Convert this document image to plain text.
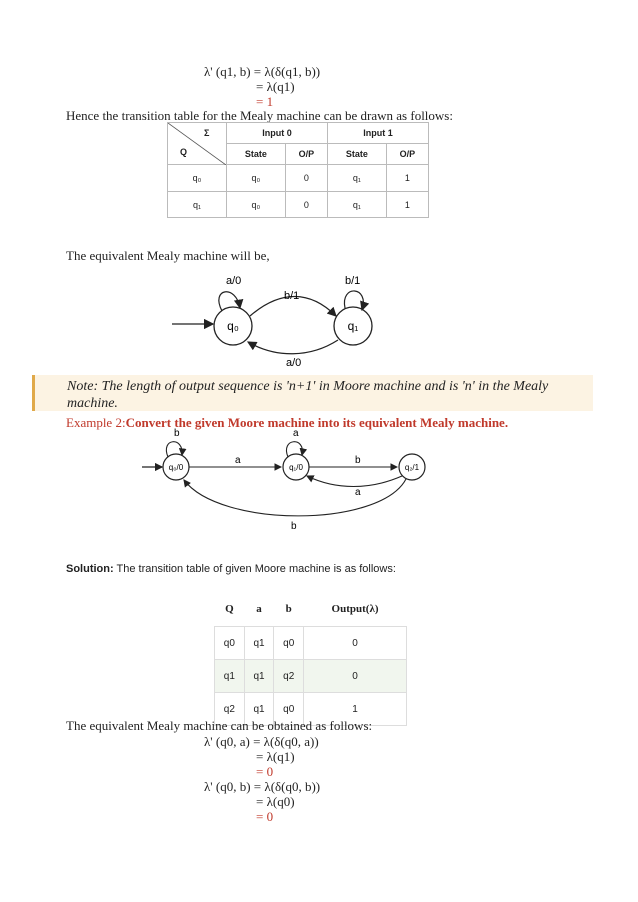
λ' (q1, b) = λ(δ(q1, b))
= λ(q1)
= 1
Hence the transition table for the Mealy machine can be drawn as follows:
Σ
Q	Input 0		Input 1	
	State	O/P	State	O/P
q₀	q₀	0	q₁	1
q₁	q₀	0	q₁	1
The equivalent Mealy machine will be,
q₀	q₁
a/0	b/1
b/1
a/0
Note: The length of output sequence is 'n+1' in Moore machine and is 'n' in the Mealy machine.
Example 2:Convert the given Moore machine into its equivalent Mealy machine.
q₀/0	q₁/0	q₂/1
b	a
a	b
a
b
Solution: The transition table of given Moore machine is as follows:
Q	a	b	Output(λ)
q0	q1	q0	0
q1	q1	q2	0
q2	q1	q0	1
The equivalent Mealy machine can be obtained as follows:
λ' (q0, a) = λ(δ(q0, a))
= λ(q1)
= 0
λ' (q0, b) = λ(δ(q0, b))
= λ(q0)
= 0
